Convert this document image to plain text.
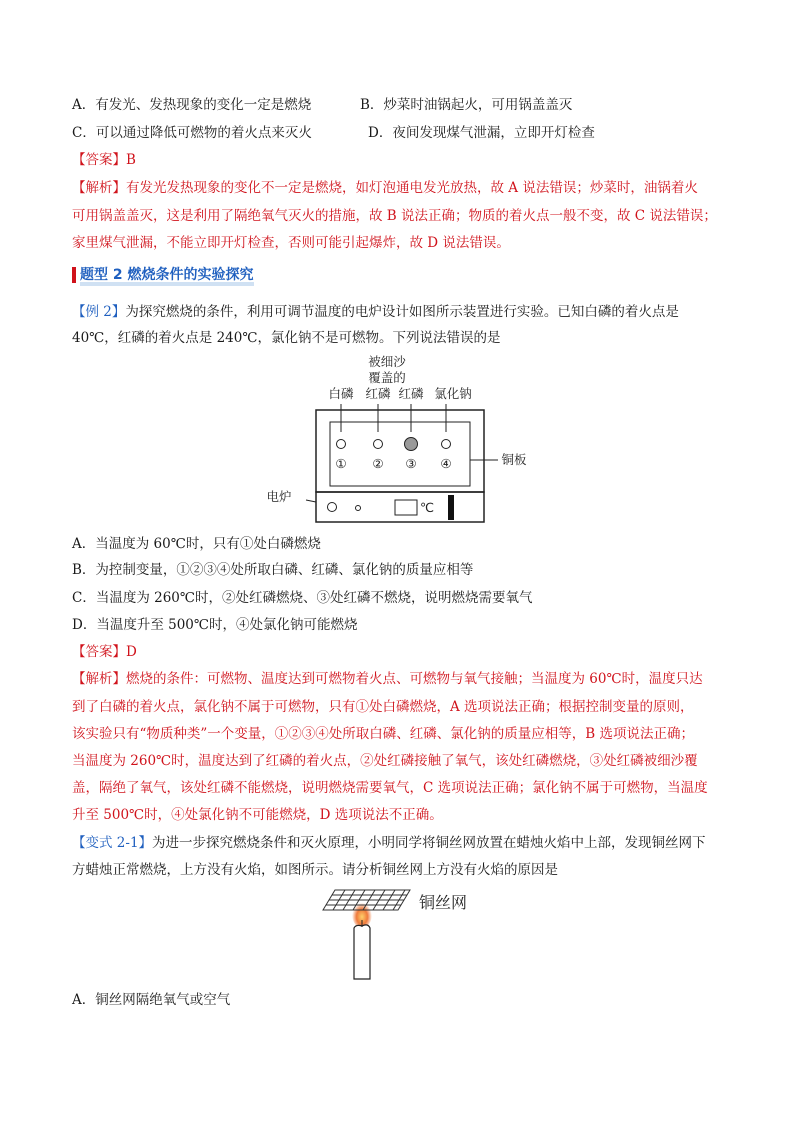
A．有发光、发热现象的变化一定是燃烧	B．炒菜时油锅起火，可用锅盖盖灭
C．可以通过降低可燃物的着火点来灭火	D．夜间发现煤气泄漏，立即开灯检查
【答案】B
【解析】有发光发热现象的变化不一定是燃烧，如灯泡通电发光放热，故 A 说法错误；炒菜时，油锅着火
可用锅盖盖灭，这是利用了隔绝氧气灭火的措施，故 B 说法正确；物质的着火点一般不变，故 C 说法错误；
家里煤气泄漏，不能立即开灯检查，否则可能引起爆炸，故 D 说法错误。
题型 2 燃烧条件的实验探究
【例 2】为探究燃烧的条件，利用可调节温度的电炉设计如图所示装置进行实验。已知白磷的着火点是
40℃，红磷的着火点是 240℃，氯化钠不是可燃物。下列说法错误的是
被细沙
覆盖的
白磷 红磷 红磷 氯化钠
① ② ③ ④	铜板
电炉
℃
A．当温度为 60℃时，只有①处白磷燃烧
B．为控制变量，①②③④处所取白磷、红磷、氯化钠的质量应相等
C．当温度为 260℃时，②处红磷燃烧、③处红磷不燃烧，说明燃烧需要氧气
D．当温度升至 500℃时，④处氯化钠可能燃烧
【答案】D
【解析】燃烧的条件：可燃物、温度达到可燃物着火点、可燃物与氧气接触；当温度为 60℃时，温度只达
到了白磷的着火点，氯化钠不属于可燃物，只有①处白磷燃烧，A 选项说法正确；根据控制变量的原则，
该实验只有“物质种类”一个变量，①②③④处所取白磷、红磷、氯化钠的质量应相等，B 选项说法正确；
当温度为 260℃时，温度达到了红磷的着火点，②处红磷接触了氧气，该处红磷燃烧，③处红磷被细沙覆
盖，隔绝了氧气，该处红磷不能燃烧，说明燃烧需要氧气，C 选项说法正确；氯化钠不属于可燃物，当温度
升至 500℃时，④处氯化钠不可能燃烧，D 选项说法不正确。
【变式 2-1】为进一步探究燃烧条件和灭火原理，小明同学将铜丝网放置在蜡烛火焰中上部，发现铜丝网下
方蜡烛正常燃烧，上方没有火焰，如图所示。请分析铜丝网上方没有火焰的原因是
铜丝网
A．铜丝网隔绝氧气或空气
